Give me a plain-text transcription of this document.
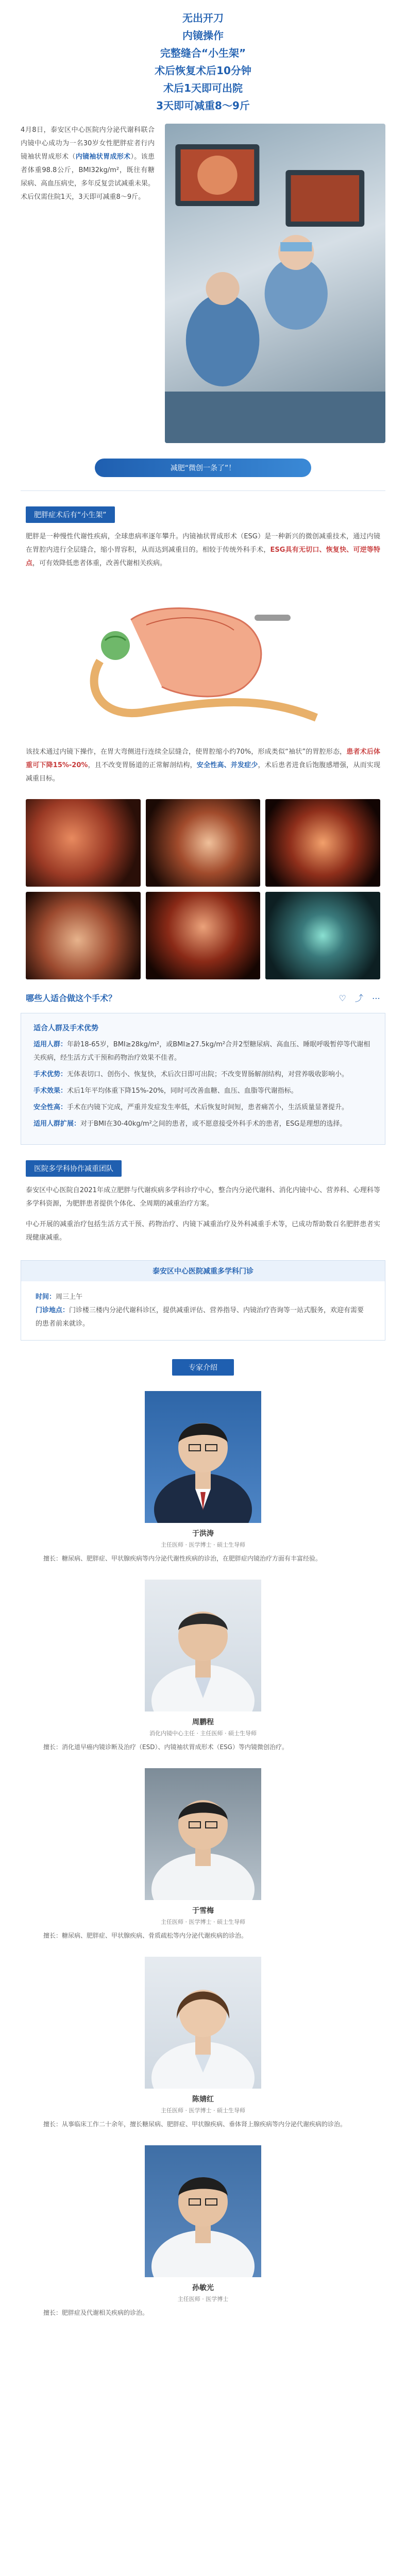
无出开刀
内镜操作
完整缝合“小生架”
术后恢复术后10分钟
术后1天即可出院
3天即可减重8～9斤
4月8日，泰安区中心医院内分泌代谢科联合内镜中心成功为一名30岁女性肥胖症者行内镜袖状胃成形术（内镜袖状胃成形术）。该患者体重98.8公斤，BMI32kg/m²，既往有糖尿病、高血压病史，多年反复尝试减重未果。术后仅需住院1天，3天即可减重8～9斤。
减肥“微创一条了”！
肥胖症术后有“小生架”
肥胖是一种慢性代谢性疾病，全球患病率逐年攀升。内镜袖状胃成形术（ESG）是一种新兴的微创减重技术，通过内镜在胃腔内进行全层缝合，缩小胃容积，从而达到减重目的。相较于传统外科手术，ESG具有无切口、恢复快、可逆等特点，可有效降低患者体重，改善代谢相关疾病。
该技术通过内镜下操作，在胃大弯侧进行连续全层缝合，使胃腔缩小约70%，形成类似“袖状”的胃腔形态，患者术后体重可下降15%-20%，且不改变胃肠道的正常解剖结构，安全性高、并发症少，术后患者进食后饱腹感增强，从而实现减重目标。
哪些人适合做这个手术？	♡ ⤴ ⋯
适合人群及手术优势
适用人群：年龄18-65岁，BMI≥28kg/m²，或BMI≥27.5kg/m²合并2型糖尿病、高血压、睡眠呼吸暂停等代谢相关疾病，经生活方式干预和药物治疗效果不佳者。
手术优势：无体表切口、创伤小、恢复快，术后次日即可出院；不改变胃肠解剖结构，对营养吸收影响小。
手术效果：术后1年平均体重下降15%-20%，同时可改善血糖、血压、血脂等代谢指标。
安全性高：手术在内镜下完成，严重并发症发生率低，术后恢复时间短，患者痛苦小，生活质量显著提升。
适用人群扩展：对于BMI在30-40kg/m²之间的患者，或不愿意接受外科手术的患者，ESG是理想的选择。
医院多学科协作减重团队
泰安区中心医院自2021年成立肥胖与代谢疾病多学科诊疗中心，整合内分泌代谢科、消化内镜中心、营养科、心理科等多学科资源，为肥胖患者提供个体化、全周期的减重治疗方案。
中心开展的减重治疗包括生活方式干预、药物治疗、内镜下减重治疗及外科减重手术等，已成功帮助数百名肥胖患者实现健康减重。
泰安区中心医院减重多学科门诊
时间：周三上午
门诊地点：门诊楼三楼内分泌代谢科诊区，提供减重评估、营养指导、内镜治疗咨询等一站式服务，欢迎有需要的患者前来就诊。
专家介绍
于洪涛
主任医师 · 医学博士 · 硕士生导师
擅长：糖尿病、肥胖症、甲状腺疾病等内分泌代谢性疾病的诊治，在肥胖症内镜治疗方面有丰富经验。
周鹏程
消化内镜中心主任 · 主任医师 · 硕士生导师
擅长：消化道早癌内镜诊断及治疗（ESD）、内镜袖状胃成形术（ESG）等内镜微创治疗。
于雪梅
主任医师 · 医学博士 · 硕士生导师
擅长：糖尿病、肥胖症、甲状腺疾病、骨质疏松等内分泌代谢疾病的诊治。
陈婧红
主任医师 · 医学博士 · 硕士生导师
擅长：从事临床工作二十余年，擅长糖尿病、肥胖症、甲状腺疾病、垂体肾上腺疾病等内分泌代谢疾病的诊治。
孙敏光
主任医师 · 医学博士
擅长：肥胖症及代谢相关疾病的诊治。
